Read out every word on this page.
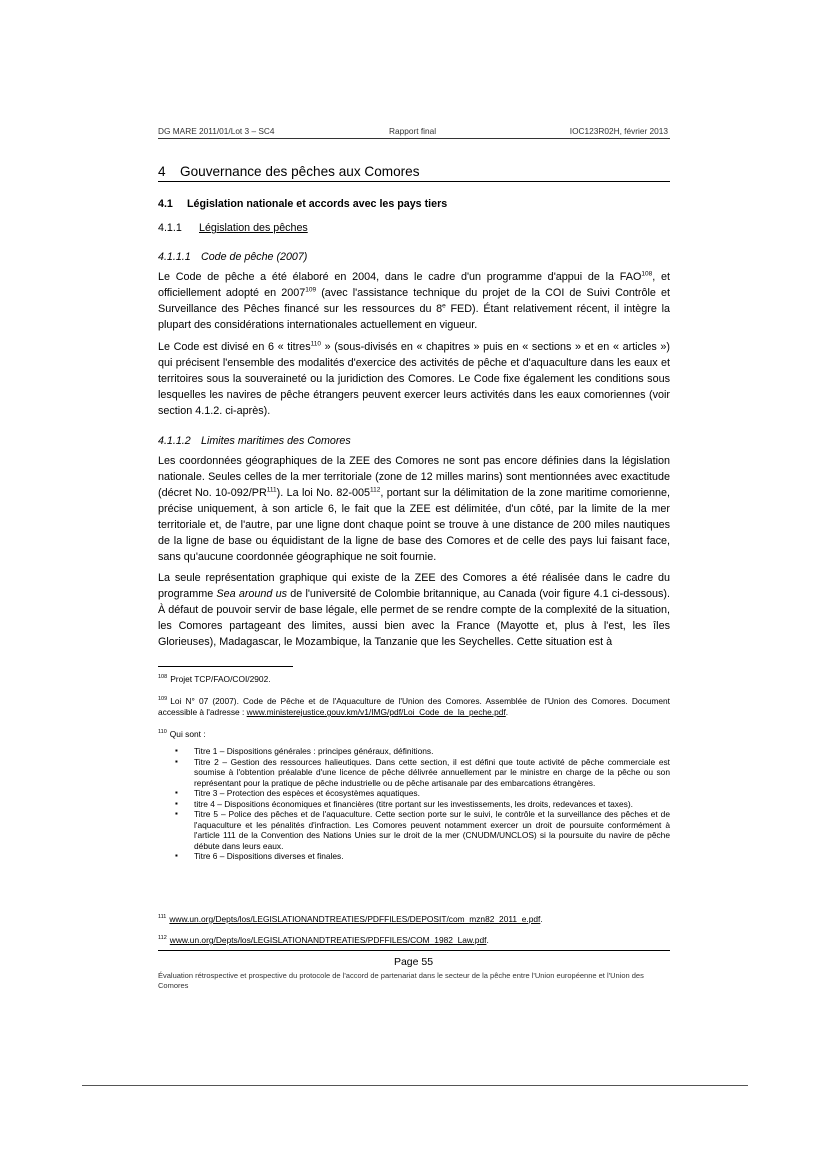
DG MARE 2011/01/Lot 3 – SC4	Rapport final	IOC123R02H, février 2013
4 Gouvernance des pêches aux Comores
4.1 Législation nationale et accords avec les pays tiers
4.1.1 Législation des pêches
4.1.1.1 Code de pêche (2007)

Le Code de pêche a été élaboré en 2004, dans le cadre d'un programme d'appui de la FAO$^{108}$, et officiellement adopté en 2007$^{109}$ (avec l'assistance technique du projet de la COI de Suivi Contrôle et Surveillance des Pêches financé sur les ressources du 8e FED). Étant relativement récent, il intègre la plupart des considérations internationales actuellement en vigueur.

Le Code est divisé en 6 « titres$^{110}$ » (sous-divisés en « chapitres » puis en « sections » et en « articles ») qui précisent l'ensemble des modalités d'exercice des activités de pêche et d'aquaculture dans les eaux et territoires sous la souveraineté ou la juridiction des Comores. Le Code fixe également les conditions sous lesquelles les navires de pêche étrangers peuvent exercer leurs activités dans les eaux comoriennes (voir section 4.1.2. ci-après).

4.1.1.2 Limites maritimes des Comores

Les coordonnées géographiques de la ZEE des Comores ne sont pas encore définies dans la législation nationale. Seules celles de la mer territoriale (zone de 12 milles marins) sont mentionnées avec exactitude (décret No. 10-092/PR$^{111}$). La loi No. $82-005^{112}$, portant sur la délimitation de la zone maritime comorienne, précise uniquement, à son article 6, le fait que la ZEE est délimitée, d'un côté, par la limite de la mer territoriale et, de l'autre, par une ligne dont chaque point se trouve à une distance de 200 miles nautiques de la ligne de base ou équidistant de la ligne de base des Comores et de celle des pays lui faisant face, sans qu'aucune coordonnée géographique ne soit fournie.

La seule représentation graphique qui existe de la ZEE des Comores a été réalisée dans le cadre du programme Sea around us de l'université de Colombie britannique, au Canada (voir figure 4.1 ci-dessous). À défaut de pouvoir servir de base légale, elle permet de se rendre compte de la complexité de la situation, les Comores partageant des limites, aussi bien avec la France (Mayotte et, plus à l'est, les îles Glorieuses), Madagascar, le Mozambique, la Tanzanie que les Seychelles. Cette situation est à

$^{108}$ Projet TCP/FAO/COI/2902.
$^{109}$ Loi N° 07 (2007). Code de Pêche et de l'Aquaculture de l'Union des Comores. Assemblée de l'Union des Comores. Document accessible à l'adresse : www.ministerejustice.gouv.km/v1/IMG/pdf/Loi_Code_de_la_peche.pdf.
$^{110}$ Qui sont :
▪ Titre 1 – Dispositions générales : principes généraux, définitions.
▪ Titre 2 – Gestion des ressources halieutiques. Dans cette section, il est défini que toute activité de pêche commerciale est soumise à l'obtention préalable d'une licence de pêche délivrée annuellement par le ministre en charge de la pêche ou son représentant pour la pratique de pêche industrielle ou de pêche artisanale par des embarcations étrangères.
▪ Titre 3 – Protection des espèces et écosystèmes aquatiques.
▪ titre 4 – Dispositions économiques et financières (titre portant sur les investissements, les droits, redevances et taxes).
▪ Titre 5 – Police des pêches et de l'aquaculture. Cette section porte sur le suivi, le contrôle et la surveillance des pêches et de l'aquaculture et les pénalités d'infraction. Les Comores peuvent notamment exercer un droit de poursuite conformément à l'article 111 de la Convention des Nations Unies sur le droit de la mer (CNUDM/UNCLOS) si la poursuite du navire de pêche débute dans leurs eaux.
▪ Titre 6 – Dispositions diverses et finales.
$^{111}$ www.un.org/Depts/los/LEGISLATIONANDTREATIES/PDFFILES/DEPOSIT/com_mzn82_2011_e.pdf.
$^{112}$ www.un.org/Depts/los/LEGISLATIONANDTREATIES/PDFFILES/COM_1982_Law.pdf.
Page 55
Évaluation rétrospective et prospective du protocole de l'accord de partenariat dans le secteur de la pêche entre l'Union européenne et l'Union des Comores
